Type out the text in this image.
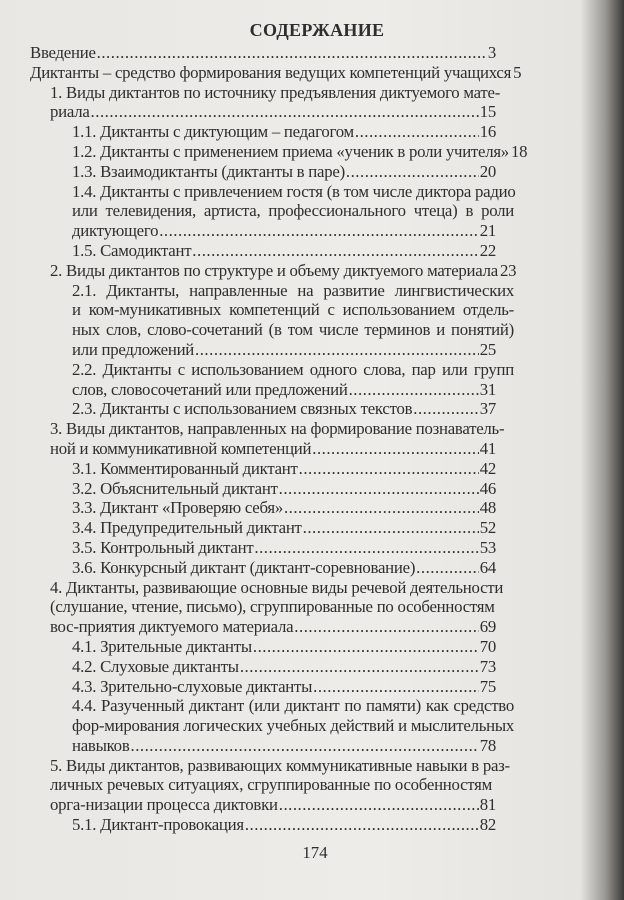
СОДЕРЖАНИЕ
Введение .....	3
Диктанты – средство формирования ведущих компетенций учащихся 5
1. Виды диктантов по источнику предъявления диктуемого мате-
риала .....	15
1.1. Диктанты с диктующим – педагогом .....	16
1.2. Диктанты с применением приема «ученик в роли учителя» 18
1.3. Взаимодиктанты (диктанты в паре) .....	20
1.4. Диктанты с привлечением гостя (в том числе диктора радио
или телевидения, артиста, профессионального чтеца) в роли
диктующего .....	21
1.5. Самодиктант .....	22
2. Виды диктантов по структуре и объему диктуемого материала 23
2.1. Диктанты, направленные на развитие лингвистических
и ком-муникативных компетенций с использованием отдель-
ных слов, слово-сочетаний (в том числе терминов и понятий)
или предложений .....	25
2.2. Диктанты с использованием одного слова, пар или групп
слов, словосочетаний или предложений .....	31
2.3. Диктанты с использованием связных текстов .....	37
3. Виды диктантов, направленных на формирование познаватель-
ной и коммуникативной компетенций .....	41
3.1. Комментированный диктант .....	42
3.2. Объяснительный диктант .....	46
3.3. Диктант «Проверяю себя» .....	48
3.4. Предупредительный диктант .....	52
3.5. Контрольный диктант .....	53
3.6. Конкурсный диктант (диктант-соревнование) .....	64
4. Диктанты, развивающие основные виды речевой деятельности
(слушание, чтение, письмо), сгруппированные по особенностям
вос-приятия диктуемого материала .....	69
4.1. Зрительные диктанты .....	70
4.2. Слуховые диктанты .....	73
4.3. Зрительно-слуховые диктанты .....	75
4.4. Разученный диктант (или диктант по памяти) как средство
фор-мирования логических учебных действий и мыслительных
навыков .....	78
5. Виды диктантов, развивающих коммуникативные навыки в раз-
личных речевых ситуациях, сгруппированные по особенностям
орга-низации процесса диктовки .....	81
5.1. Диктант-провокация .....	82
174
